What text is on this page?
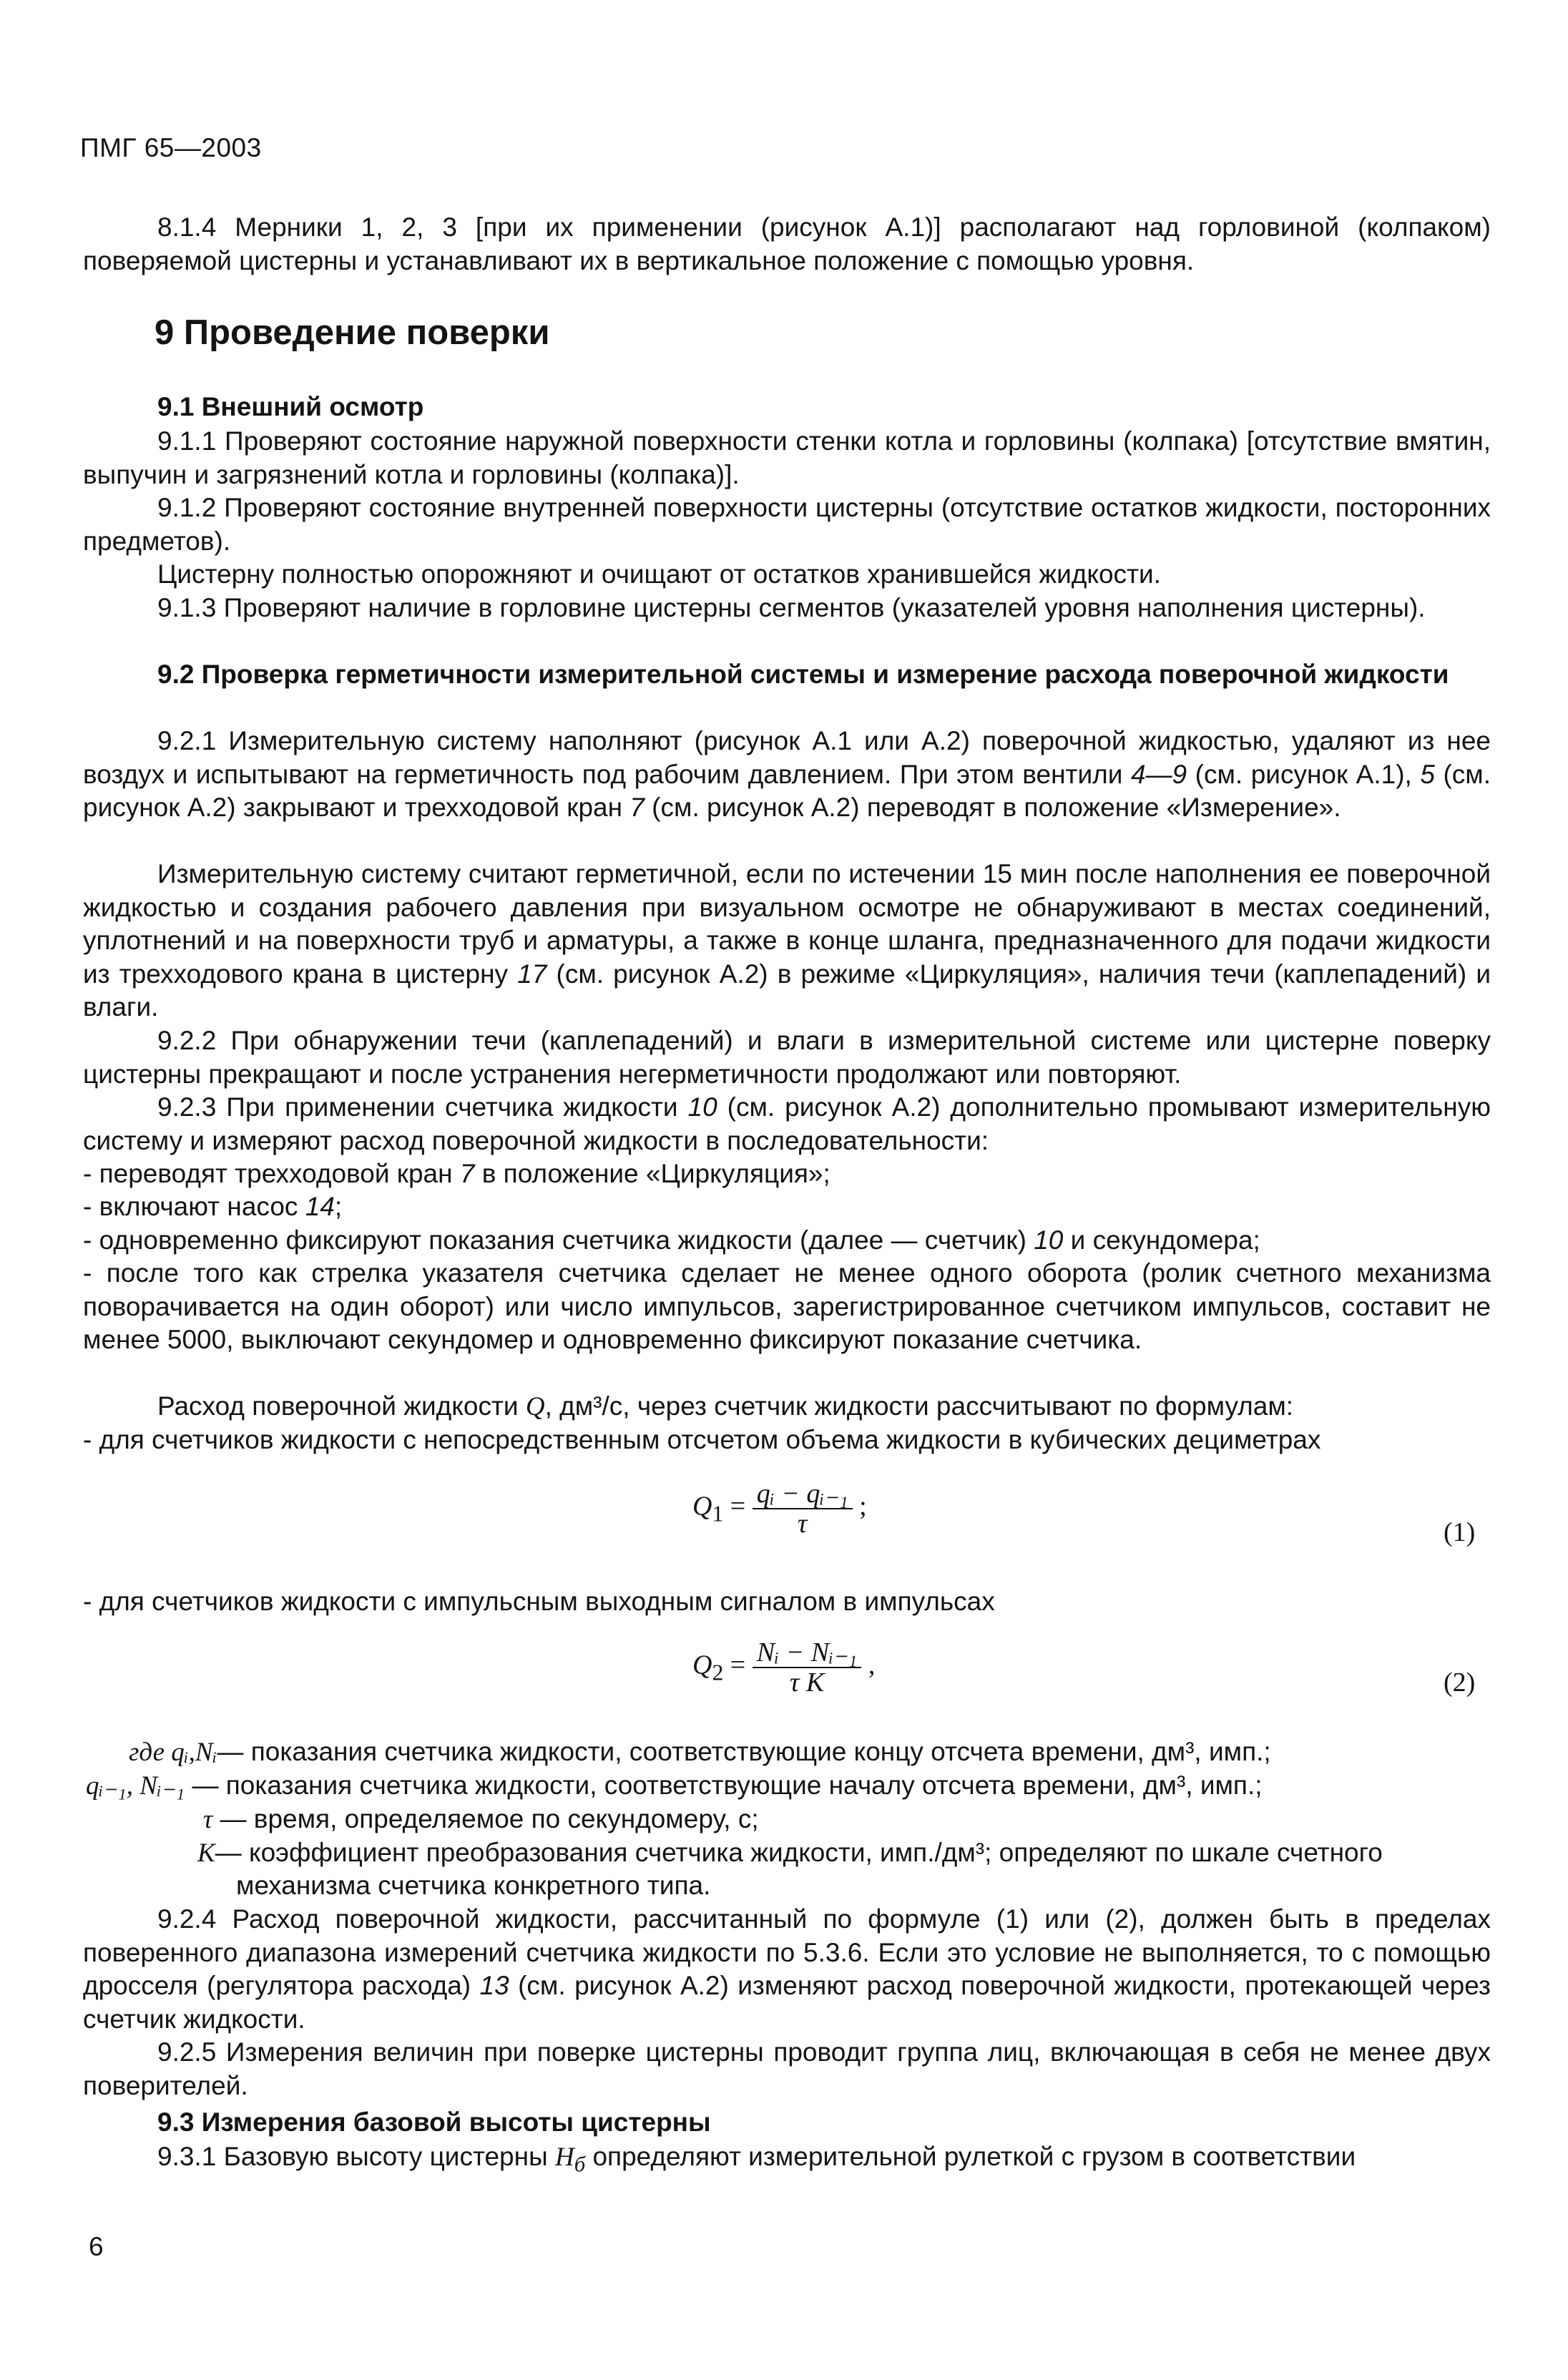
ПМГ 65—2003

8.1.4 Мерники 1, 2, 3 [при их применении (рисунок А.1)] располагают над горловиной (колпаком) поверяемой цистерны и устанавливают их в вертикальное положение с помощью уровня.

9 Проведение поверки
9.1 Внешний осмотр

9.1.1 Проверяют состояние наружной поверхности стенки котла и горловины (колпака) [отсутствие вмятин, выпучин и загрязнений котла и горловины (колпака)].

9.1.2 Проверяют состояние внутренней поверхности цистерны (отсутствие остатков жидкости, посторонних предметов).

Цистерну полностью опорожняют и очищают от остатков хранившейся жидкости.

9.1.3 Проверяют наличие в горловине цистерны сегментов (указателей уровня наполнения цистерны).

9.2 Проверка герметичности измерительной системы и измерение расхода поверочной жидкости

9.2.1 Измерительную систему наполняют (рисунок А.1 или А.2) поверочной жидкостью, удаляют из нее воздух и испытывают на герметичность под рабочим давлением. При этом вентили 4—9 (см. рисунок А.1), 5 (см. рисунок А.2) закрывают и трехходовой кран 7 (см. рисунок А.2) переводят в положение «Измерение».

Измерительную систему считают герметичной, если по истечении 15 мин после наполнения ее поверочной жидкостью и создания рабочего давления при визуальном осмотре не обнаруживают в местах соединений, уплотнений и на поверхности труб и арматуры, а также в конце шланга, предназначенного для подачи жидкости из трехходового крана в цистерну 17 (см. рисунок А.2) в режиме «Циркуляция», наличия течи (каплепадений) и влаги.

9.2.2 При обнаружении течи (каплепадений) и влаги в измерительной системе или цистерне поверку цистерны прекращают и после устранения негерметичности продолжают или повторяют.

9.2.3 При применении счетчика жидкости 10 (см. рисунок А.2) дополнительно промывают измерительную систему и измеряют расход поверочной жидкости в последовательности:

- переводят трехходовой кран 7 в положение «Циркуляция»;

- включают насос 14;

- одновременно фиксируют показания счетчика жидкости (далее — счетчик) 10 и секундомера;

- после того как стрелка указателя счетчика сделает не менее одного оборота (ролик счетного механизма поворачивается на один оборот) или число импульсов, зарегистрированное счетчиком импульсов, составит не менее 5000, выключают секундомер и одновременно фиксируют показание счетчика.

Расход поверочной жидкости Q, дм³/с, через счетчик жидкости рассчитывают по формулам:

- для счетчиков жидкости с непосредственным отсчетом объема жидкости в кубических дециметрах

$Q_1 = \frac{\text{qᵢ − qᵢ₋₁}}{\tau}$ ;
(1)

- для счетчиков жидкости с импульсным выходным сигналом в импульсах

$Q_2 = \frac{\text{Nᵢ − Nᵢ₋₁}}{\text{τ K}}$ ,
(2)
где qᵢ,Nᵢ— показания счетчика жидкости, соответствующие концу отсчета времени, дм³, имп.;
qᵢ₋₁, Nᵢ₋₁ — показания счетчика жидкости, соответствующие началу отсчета времени, дм³, имп.;
τ — время, определяемое по секундомеру, с;
K— коэффициент преобразования счетчика жидкости, имп./дм³; определяют по шкале счетного
механизма счетчика конкретного типа.

9.2.4 Расход поверочной жидкости, рассчитанный по формуле (1) или (2), должен быть в пределах поверенного диапазона измерений счетчика жидкости по 5.3.6. Если это условие не выполняется, то с помощью дросселя (регулятора расхода) 13 (см. рисунок А.2) изменяют расход поверочной жидкости, протекающей через счетчик жидкости.

9.2.5 Измерения величин при поверке цистерны проводит группа лиц, включающая в себя не менее двух поверителей.

9.3 Измерения базовой высоты цистерны

9.3.1 Базовую высоту цистерны $H_б$ определяют измерительной рулеткой с грузом в соответствии

6
